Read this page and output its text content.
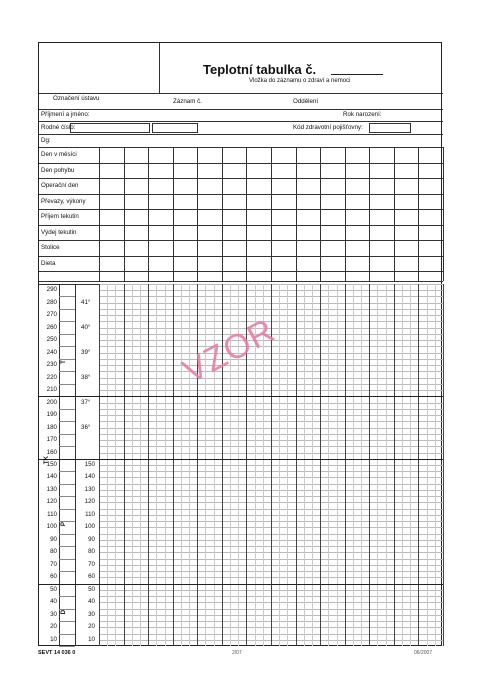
Teplotní tabulka č.
Vložka do záznamu o zdraví a nemoci
Označení ústavu	Záznam č.	Oddělení
Příjmení a jméno:	Rok narození:
Rodné číslo:	Kód zdravotní pojišťovny:
Dg:
Den v měsíci
Den pohybu
Operační den
Převazy, výkony
Příjem tekutin
Výdej tekutin
Stolice
Dieta
290
280
270
260
250
240
230
220
210
200
190
180
170
160
150
140
130
120
110
100
90
80
70
60
50
40
30
20
10
41°
40°
39°
38°
37°
36°
150
140
130
120
110
100
90
80
70
60
50
40
30
20
10
TK
T
P
D
VZOR
SEVT 14 036 0	2/07	06/2007
